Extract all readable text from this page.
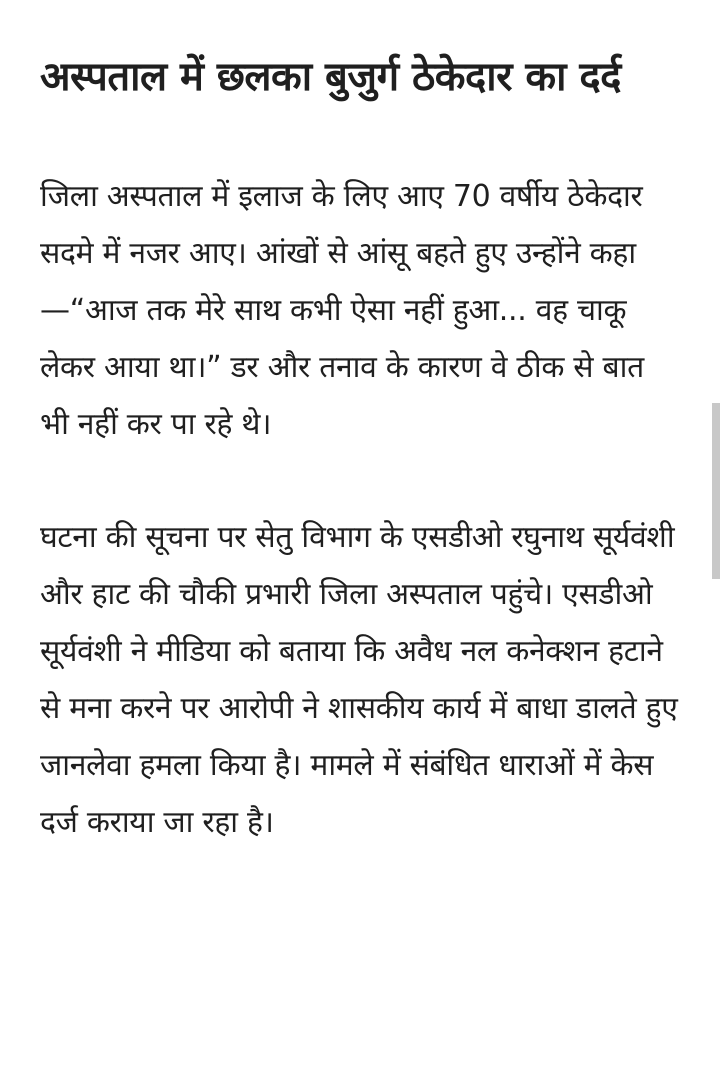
अस्पताल में छलका बुजुर्ग ठेकेदार का दर्द

जिला अस्पताल में इलाज के लिए आए 70 वर्षीय ठेकेदार सदमे में नजर आए। आंखों से आंसू बहते हुए उन्होंने कहा—“आज तक मेरे साथ कभी ऐसा नहीं हुआ... वह चाकू लेकर आया था।” डर और तनाव के कारण वे ठीक से बात भी नहीं कर पा रहे थे।

घटना की सूचना पर सेतु विभाग के एसडीओ रघुनाथ सूर्यवंशी और हाट की चौकी प्रभारी जिला अस्पताल पहुंचे। एसडीओ सूर्यवंशी ने मीडिया को बताया कि अवैध नल कनेक्शन हटाने से मना करने पर आरोपी ने शासकीय कार्य में बाधा डालते हुए जानलेवा हमला किया है। मामले में संबंधित धाराओं में केस दर्ज कराया जा रहा है।
